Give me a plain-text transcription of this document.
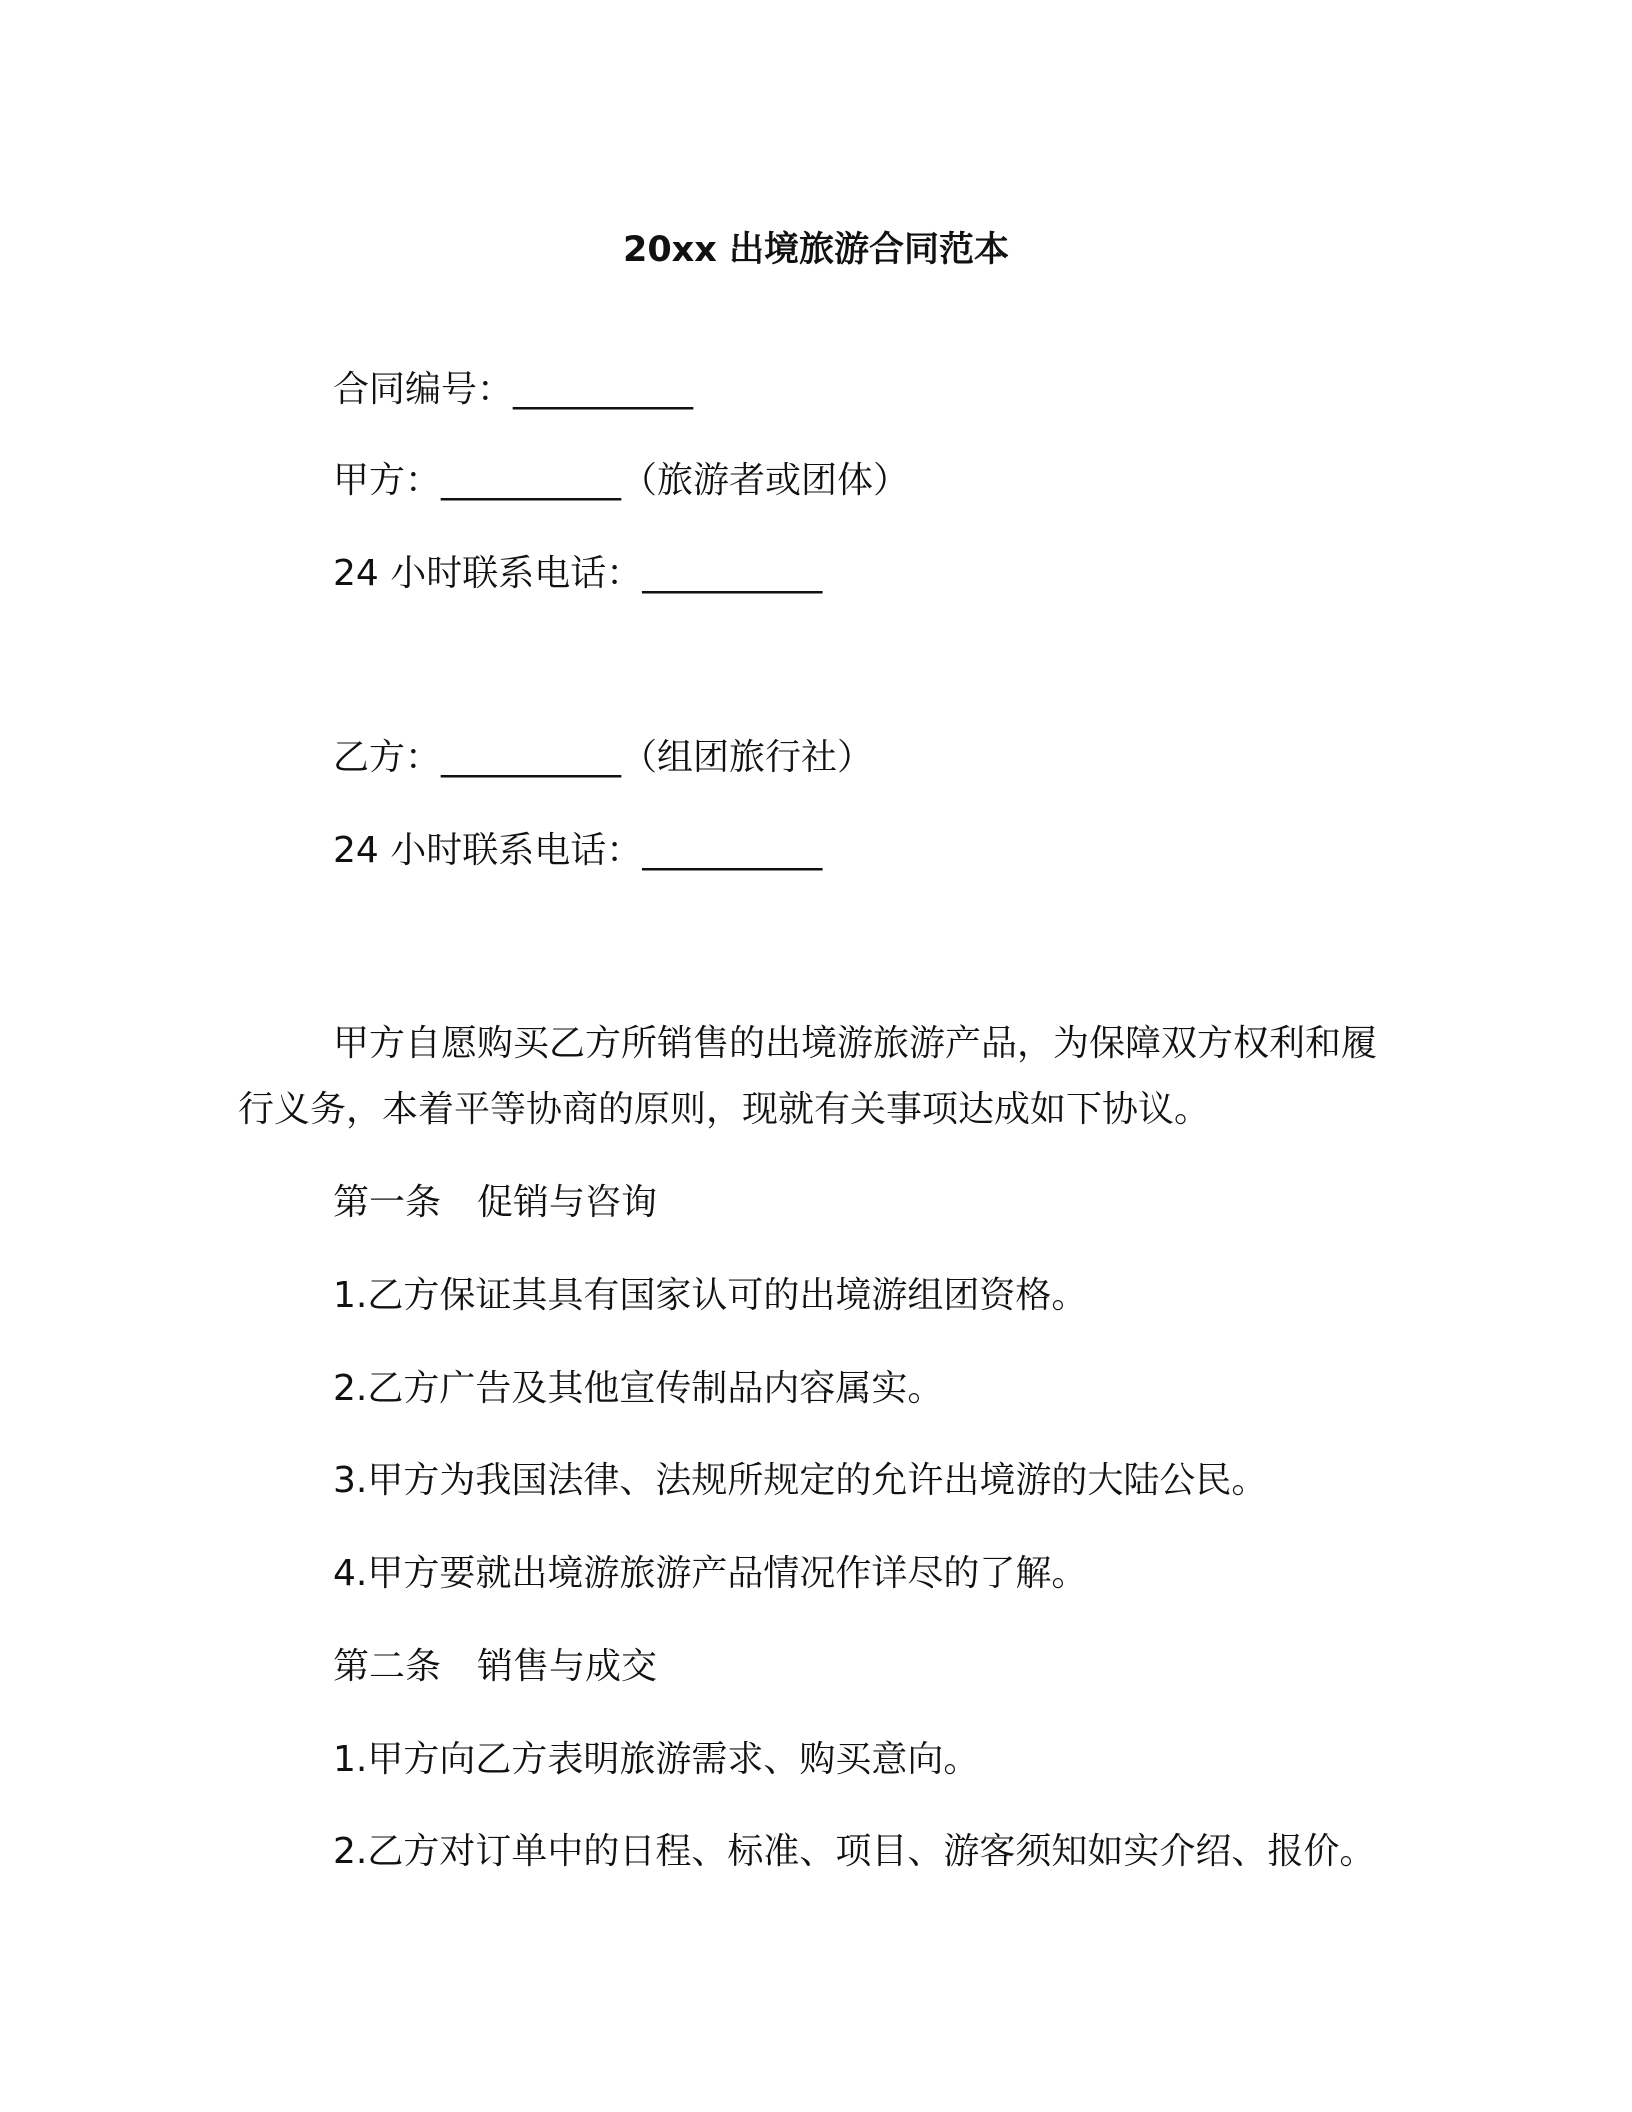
20xx 出境旅游合同范本
合同编号：__________
甲方：__________（旅游者或团体）
24 小时联系电话：__________
乙方：__________（组团旅行社）
24 小时联系电话：__________
甲方自愿购买乙方所销售的出境游旅游产品，为保障双方权利和履行义务，本着平等协商的原则，现就有关事项达成如下协议。
第一条　促销与咨询
1.乙方保证其具有国家认可的出境游组团资格。
2.乙方广告及其他宣传制品内容属实。
3.甲方为我国法律、法规所规定的允许出境游的大陆公民。
4.甲方要就出境游旅游产品情况作详尽的了解。
第二条　销售与成交
1.甲方向乙方表明旅游需求、购买意向。
2.乙方对订单中的日程、标准、项目、游客须知如实介绍、报价。
